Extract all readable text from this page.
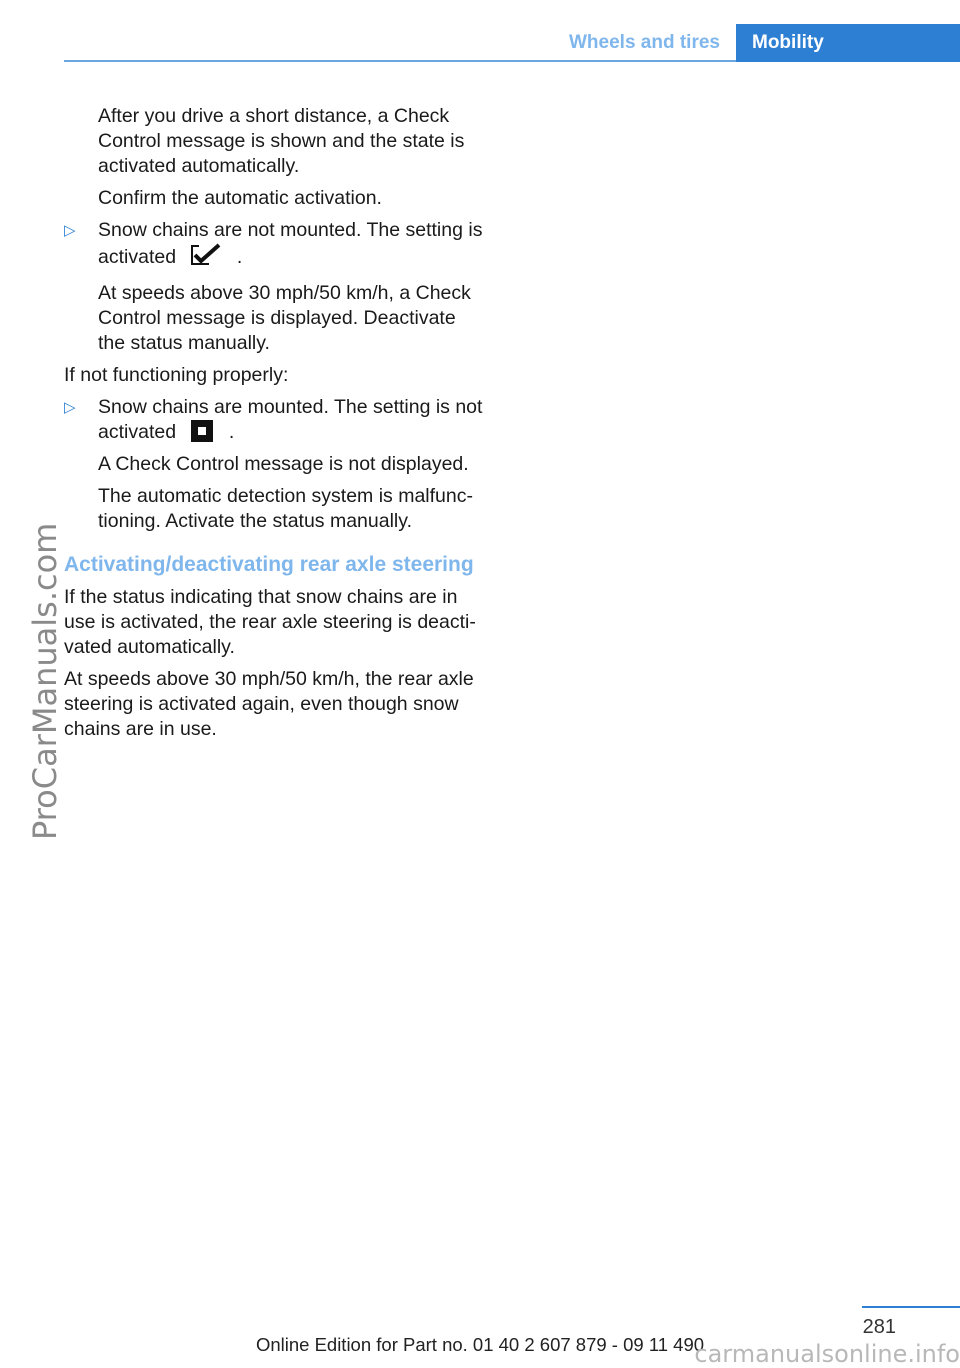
Wheels and tires	Mobility
ProCarManuals.com

After you drive a short distance, a Check Control message is shown and the state is activated automatically.

Confirm the automatic activation.

▷ Snow chains are not mounted. The setting is activated	.

At speeds above 30 mph/50 km/h, a Check Control message is displayed. Deactivate the status manually.

If not functioning properly:

▷ Snow chains are mounted. The setting is not activated	.

A Check Control message is not displayed.

The automatic detection system is malfunc‐tioning. Activate the status manually.

Activating/deactivating rear axle steering

If the status indicating that snow chains are in use is activated, the rear axle steering is deacti‐vated automatically.

At speeds above 30 mph/50 km/h, the rear axle steering is activated again, even though snow chains are in use.

281
Online Edition for Part no. 01 40 2 607 879 - 09 11 490
carmanualsonline.info
